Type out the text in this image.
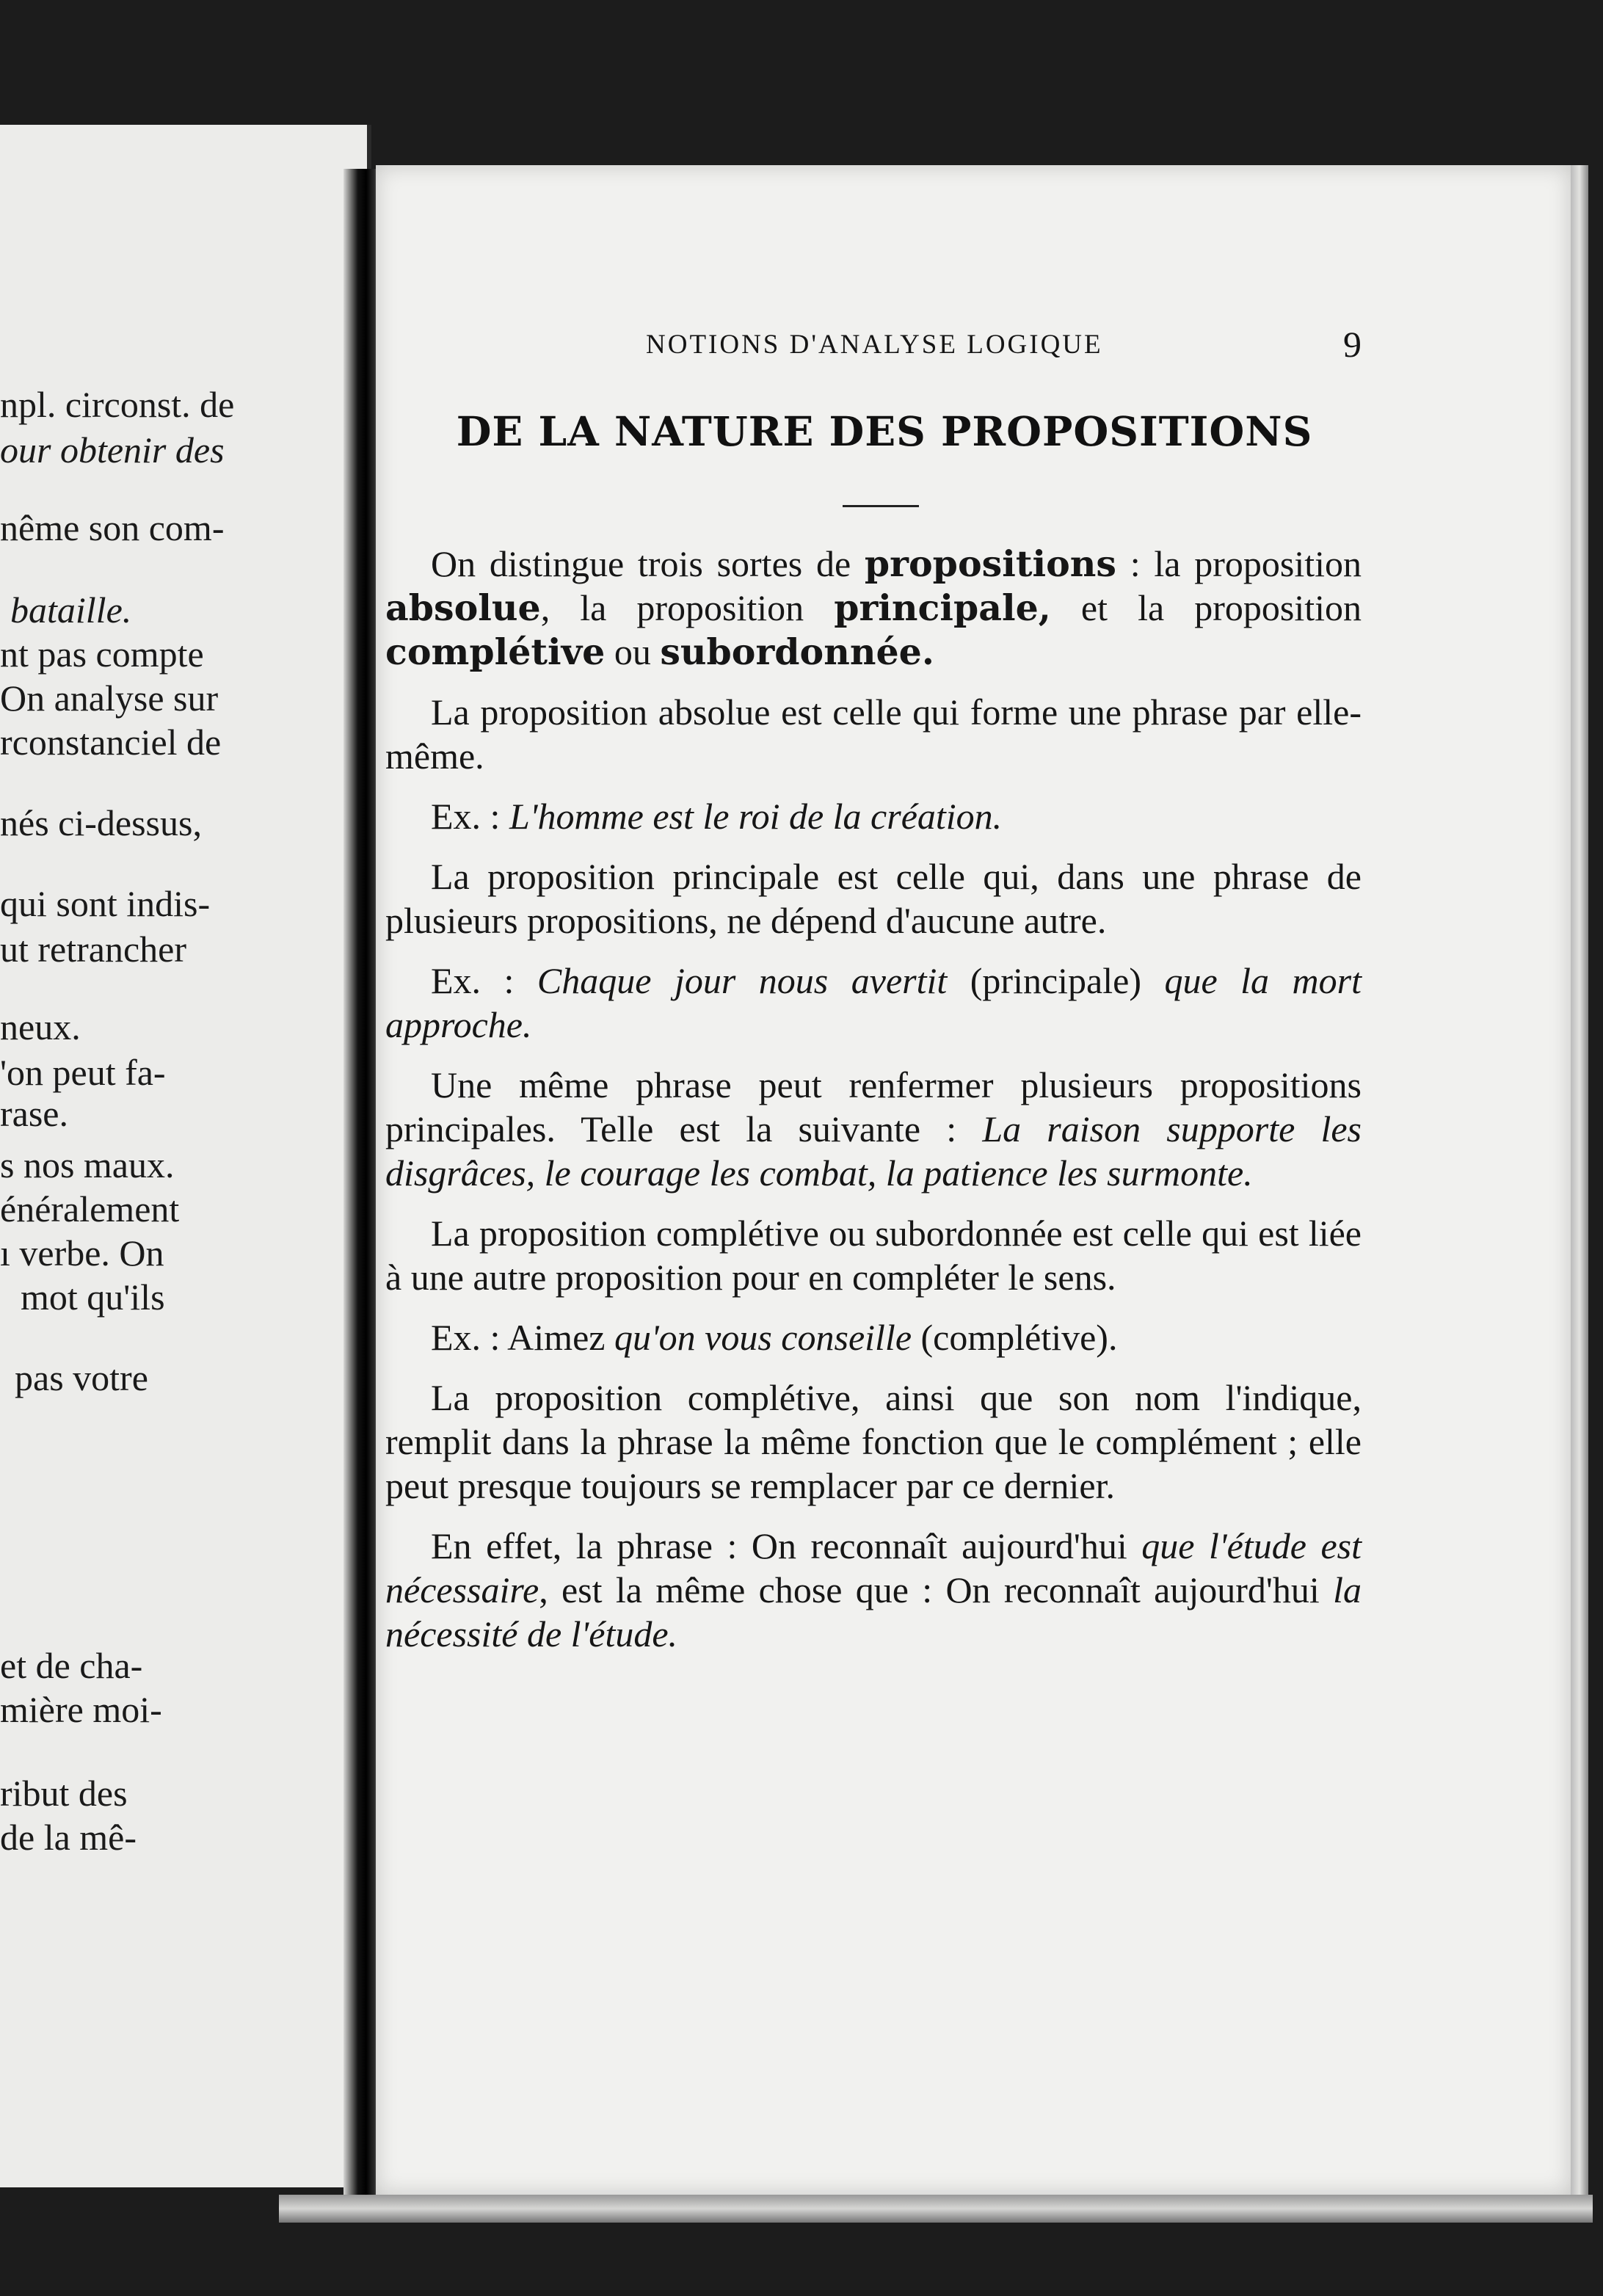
npl. circonst. de
our obtenir des
nême son com-
bataille.
nt pas compte
On analyse sur
rconstanciel de
nés ci-dessus,
qui sont indis-
ut retrancher
neux.
'on peut fa-
rase.
s nos maux.
énéralement
ı verbe. On
mot qu'ils
pas votre
et de cha-
mière moi-
ribut des
de la mê-
NOTIONS D'ANALYSE LOGIQUE	9
DE LA NATURE DES PROPOSITIONS

On distingue trois sortes de propositions : la proposition absolue, la proposition principale, et la proposition complétive ou subordonnée.

La proposition absolue est celle qui forme une phrase par elle-même.

Ex. : L'homme est le roi de la création.

La proposition principale est celle qui, dans une phrase de plusieurs propositions, ne dépend d'aucune autre.

Ex. : Chaque jour nous avertit (principale) que la mort approche.

Une même phrase peut renfermer plusieurs propositions principales. Telle est la suivante : La raison supporte les disgrâces, le courage les combat, la patience les surmonte.

La proposition complétive ou subordonnée est celle qui est liée à une autre proposition pour en compléter le sens.

Ex. : Aimez qu'on vous conseille (complétive).

La proposition complétive, ainsi que son nom l'indique, remplit dans la phrase la même fonction que le complément ; elle peut presque toujours se remplacer par ce dernier.

En effet, la phrase : On reconnaît aujourd'hui que l'étude est nécessaire, est la même chose que : On reconnaît aujourd'hui la nécessité de l'étude.
